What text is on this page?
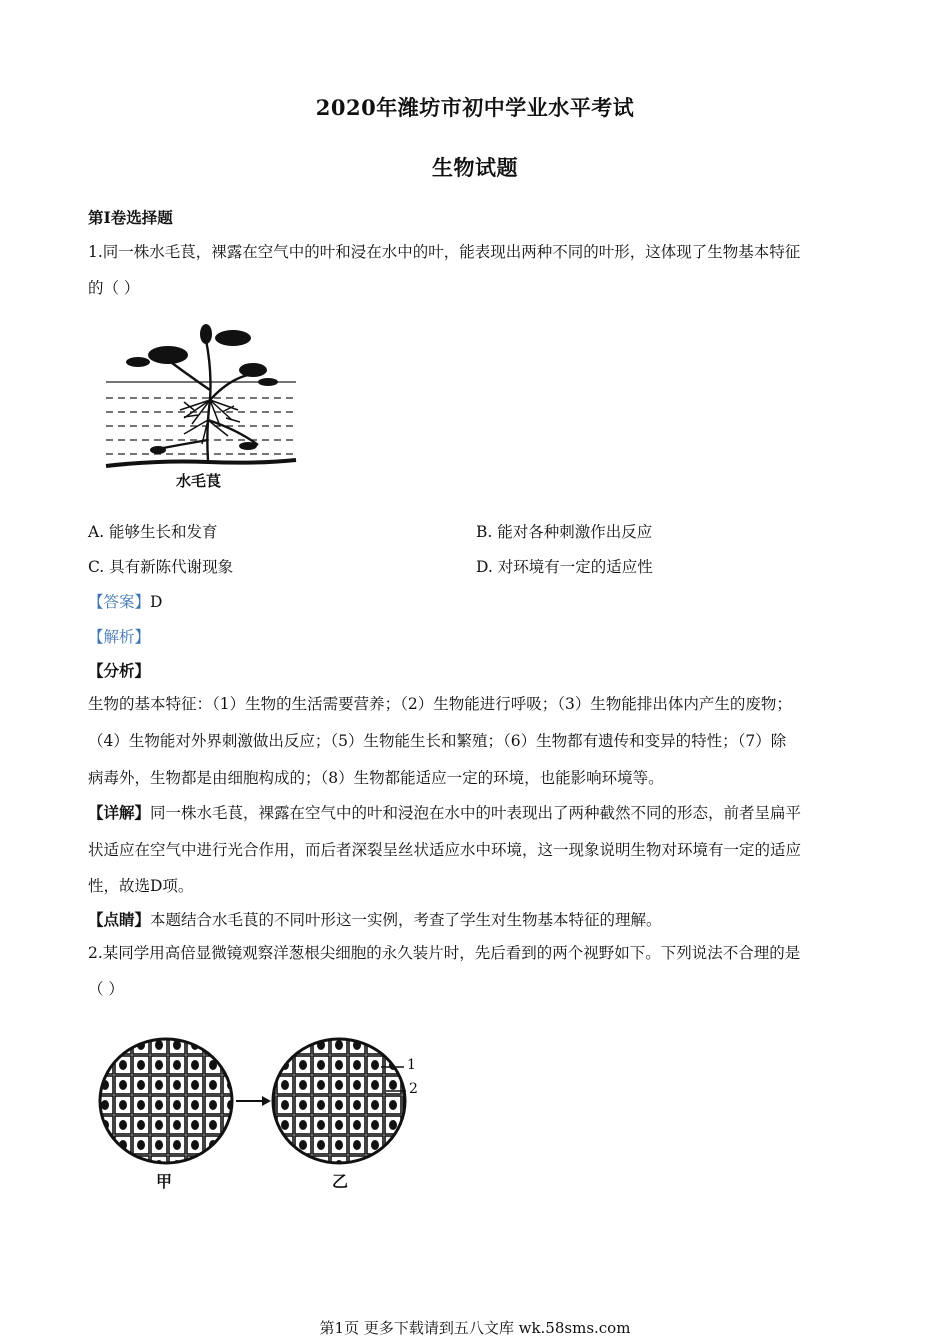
2020年潍坊市初中学业水平考试
生物试题
第Ⅰ卷选择题
1.同一株水毛茛，裸露在空气中的叶和浸在水中的叶，能表现出两种不同的叶形，这体现了生物基本特征
的（ ）
水毛茛
A. 能够生长和发育	B. 能对各种刺激作出反应
C. 具有新陈代谢现象	D. 对环境有一定的适应性
【答案】D
【解析】
【分析】
生物的基本特征：（1）生物的生活需要营养；（2）生物能进行呼吸；（3）生物能排出体内产生的废物；
（4）生物能对外界刺激做出反应；（5）生物能生长和繁殖；（6）生物都有遗传和变异的特性；（7）除
病毒外，生物都是由细胞构成的；（8）生物都能适应一定的环境，也能影响环境等。
【详解】同一株水毛茛，裸露在空气中的叶和浸泡在水中的叶表现出了两种截然不同的形态，前者呈扁平
状适应在空气中进行光合作用，而后者深裂呈丝状适应水中环境，这一现象说明生物对环境有一定的适应
性，故选D项。
【点睛】本题结合水毛茛的不同叶形这一实例，考查了学生对生物基本特征的理解。
2.某同学用高倍显微镜观察洋葱根尖细胞的永久装片时，先后看到的两个视野如下。下列说法不合理的是
（ ）
甲	乙
1
2
第1页 更多下载请到五八文库 wk.58sms.com
